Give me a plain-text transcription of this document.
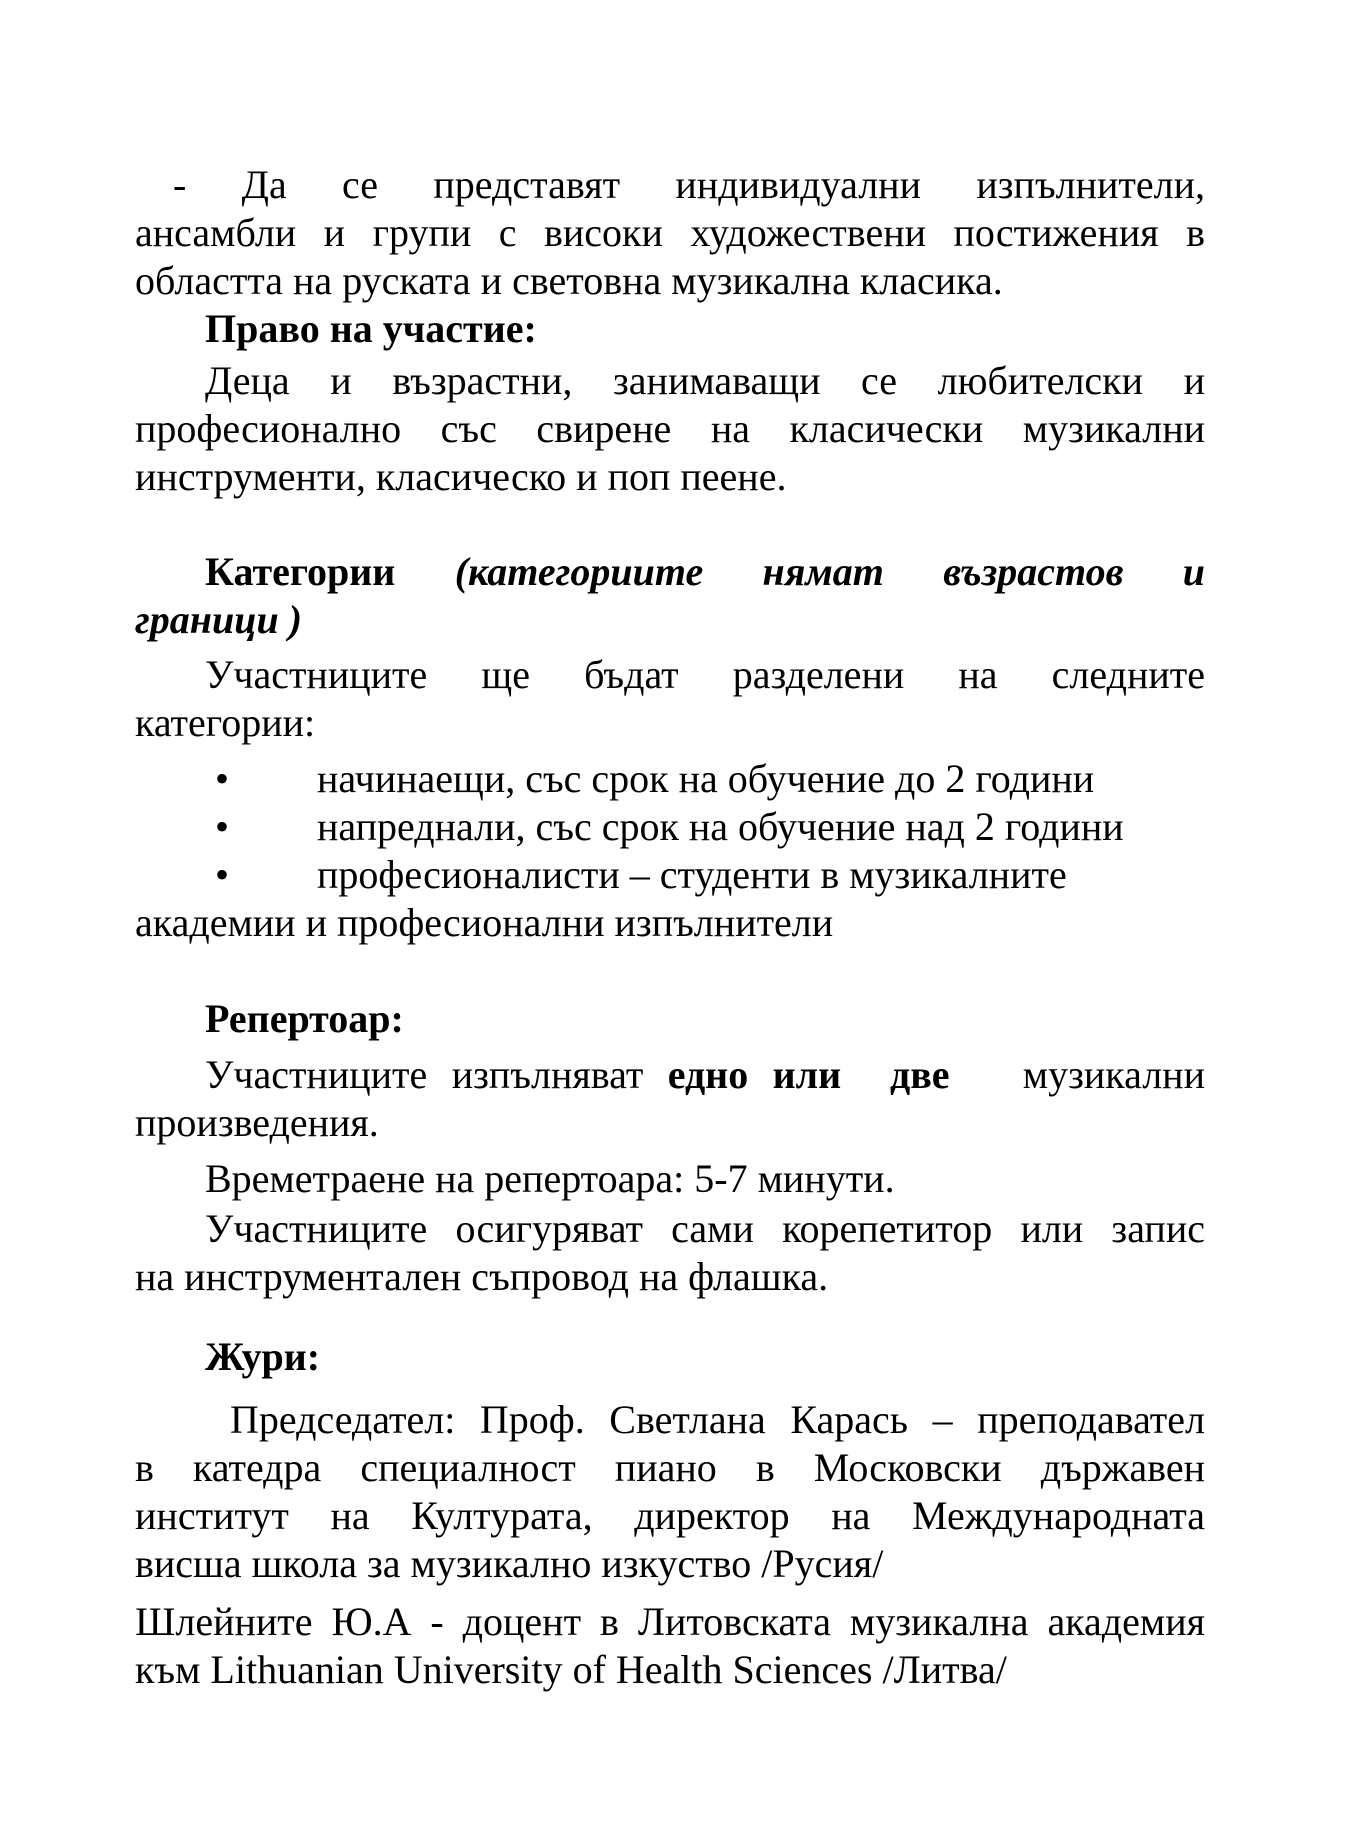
- Да се представят индивидуални изпълнители,
ансамбли и групи с високи художествени постижения в
областта на руската и световна музикална класика.
Право на участие:
Деца и възрастни, занимаващи се любителски и
професионално със свирене на класически музикални
инструменти, класическо и поп пеене.
Категории (категориите нямат възрастов и
граници )
Участниците ще бъдат разделени на следните
категории:
• начинаещи, със срок на обучение до 2 години
• напреднали, със срок на обучение над 2 години
• професионалисти – студенти в музикалните
академии и професионални изпълнители
Репертоар:
Участниците изпълняват едно или  две   музикални
произведения.
Времетраене на репертоара: 5-7 минути.
Участниците осигуряват сами корепетитор или запис
на инструментален съпровод на флашка.
Жури:
Председател: Проф. Светлана Карась – преподавател
в катедра специалност пиано в Московски държавен
институт на Културата, директор на Международната
висша школа за музикално изкуство /Русия/
Шлейните Ю.А - доцент в Литовската музикална академия
към Lithuanian University of Health Sciences /Литва/
